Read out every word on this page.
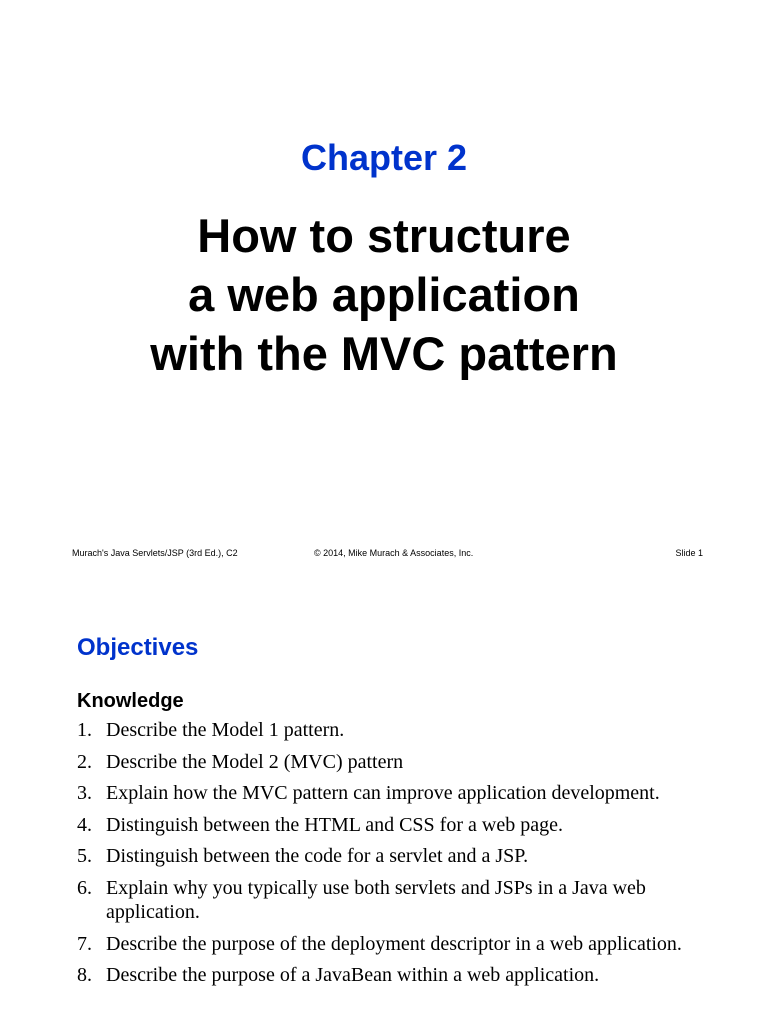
Chapter 2
How to structure
a web application
with the MVC pattern
Murach's Java Servlets/JSP (3rd Ed.), C2	© 2014, Mike Murach & Associates, Inc.	Slide 1
Objectives
Knowledge
1. Describe the Model 1 pattern.
2. Describe the Model 2 (MVC) pattern
3. Explain how the MVC pattern can improve application development.
4. Distinguish between the HTML and CSS for a web page.
5. Distinguish between the code for a servlet and a JSP.
6. Explain why you typically use both servlets and JSPs in a Java web application.
7. Describe the purpose of the deployment descriptor in a web application.
8. Describe the purpose of a JavaBean within a web application.
